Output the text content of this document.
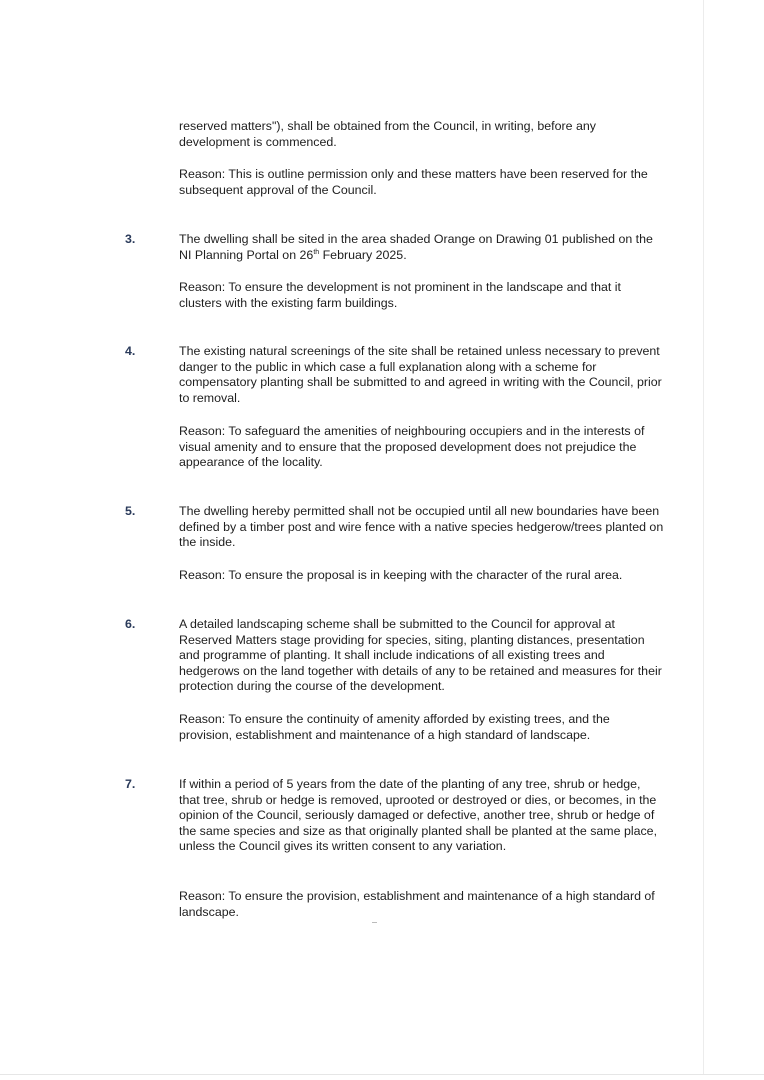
reserved matters"), shall be obtained from the Council, in writing, before any development is commenced.

Reason: This is outline permission only and these matters have been reserved for the subsequent approval of the Council.

3.	The dwelling shall be sited in the area shaded Orange on Drawing 01 published on the NI Planning Portal on 26th February 2025.

Reason: To ensure the development is not prominent in the landscape and that it clusters with the existing farm buildings.

4.	The existing natural screenings of the site shall be retained unless necessary to prevent danger to the public in which case a full explanation along with a scheme for compensatory planting shall be submitted to and agreed in writing with the Council, prior to removal.

Reason: To safeguard the amenities of neighbouring occupiers and in the interests of visual amenity and to ensure that the proposed development does not prejudice the appearance of the locality.

5.	The dwelling hereby permitted shall not be occupied until all new boundaries have been defined by a timber post and wire fence with a native species hedgerow/trees planted on the inside.

Reason: To ensure the proposal is in keeping with the character of the rural area.

6.	A detailed landscaping scheme shall be submitted to the Council for approval at Reserved Matters stage providing for species, siting, planting distances, presentation and programme of planting. It shall include indications of all existing trees and hedgerows on the land together with details of any to be retained and measures for their protection during the course of the development.

Reason: To ensure the continuity of amenity afforded by existing trees, and the provision, establishment and maintenance of a high standard of landscape.

7.	If within a period of 5 years from the date of the planting of any tree, shrub or hedge, that tree, shrub or hedge is removed, uprooted or destroyed or dies, or becomes, in the opinion of the Council, seriously damaged or defective, another tree, shrub or hedge of the same species and size as that originally planted shall be planted at the same place, unless the Council gives its written consent to any variation.

Reason: To ensure the provision, establishment and maintenance of a high standard of landscape.
